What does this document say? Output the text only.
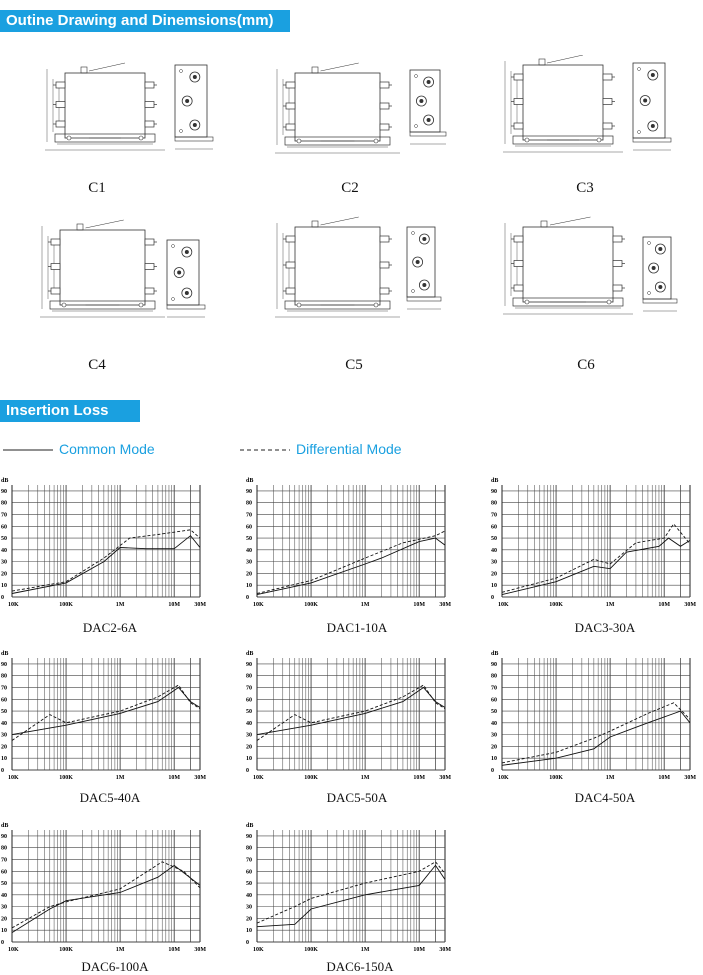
Outine Drawing and Dinemsions(mm)
C1	C2	C3
C4	C5	C6
Insertion Loss
Common Mode	Differential Mode
dB
90
80
70
60
50
40
30
20
10
0
10K	100K	1M	10M 30M
dB
90
80
70
60
50
40
30
20
10
0
10K	100K	1M	10M 30M
dB
90
80
70
60
50
40
30
20
10
0
10K	100K	1M	10M 30M
dB
90
80
70
60
50
40
30
20
10
0
10K	100K	1M	10M 30M
dB
90
80
70
60
50
40
30
20
10
0
10K	100K	1M	10M 30M
dB
90
80
70
60
50
40
30
20
10
0
10K	100K	1M	10M 30M
dB
90
80
70
60
50
40
30
20
10
0
10K	100K	1M	10M 30M
dB
90
80
70
60
50
40
30
20
10
0
10K	100K	1M	10M 30M
DAC2-6A	DAC1-10A	DAC3-30A
DAC5-40A	DAC5-50A	DAC4-50A
DAC6-100A	DAC6-150A
